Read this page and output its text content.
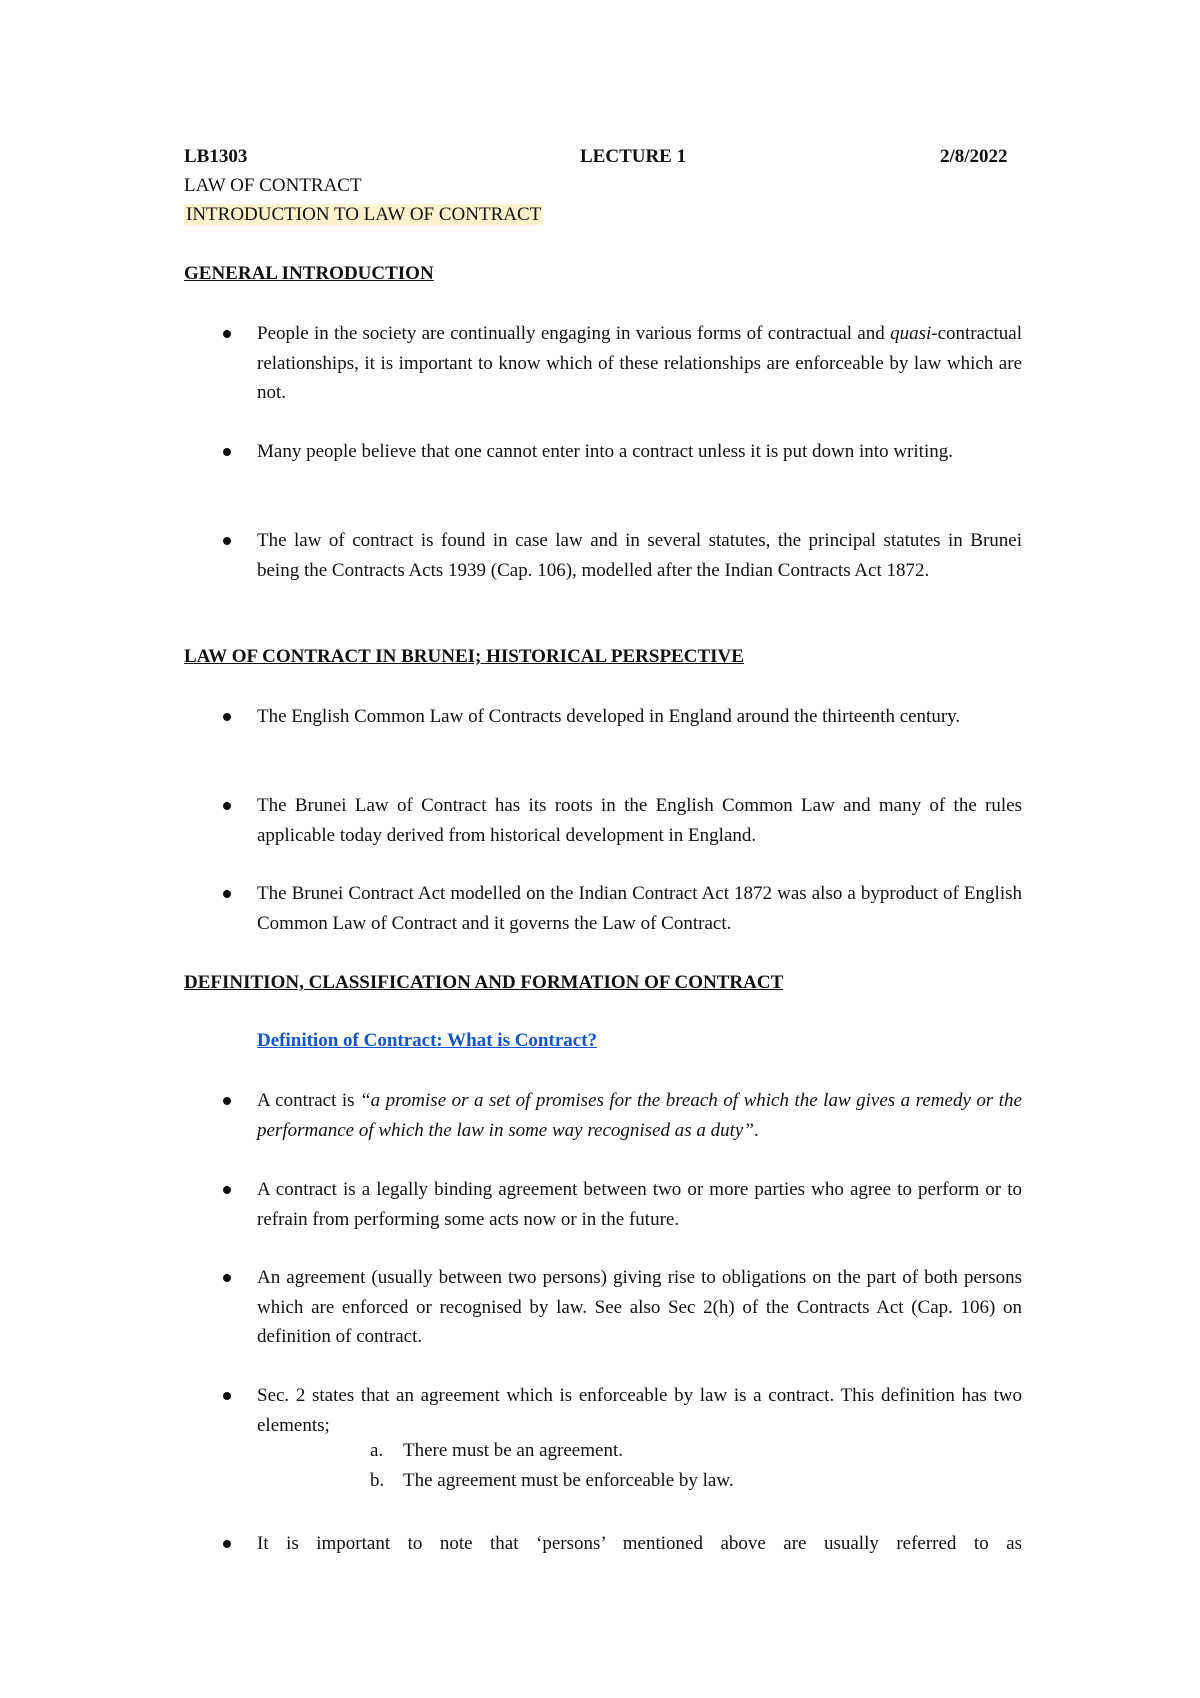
LB1303	LECTURE 1	2/8/2022
LAW OF CONTRACT
INTRODUCTION TO LAW OF CONTRACT
GENERAL INTRODUCTION
People in the society are continually engaging in various forms of contractual and quasi-contractual relationships, it is important to know which of these relationships are enforceable by law which are not.
Many people believe that one cannot enter into a contract unless it is put down into writing.
The law of contract is found in case law and in several statutes, the principal statutes in Brunei being the Contracts Acts 1939 (Cap. 106), modelled after the Indian Contracts Act 1872.
LAW OF CONTRACT IN BRUNEI; HISTORICAL PERSPECTIVE
The English Common Law of Contracts developed in England around the thirteenth century.
The Brunei Law of Contract has its roots in the English Common Law and many of the rules applicable today derived from historical development in England.
The Brunei Contract Act modelled on the Indian Contract Act 1872 was also a byproduct of English Common Law of Contract and it governs the Law of Contract.
DEFINITION, CLASSIFICATION AND FORMATION OF CONTRACT
Definition of Contract: What is Contract?
A contract is “a promise or a set of promises for the breach of which the law gives a remedy or the performance of which the law in some way recognised as a duty”.
A contract is a legally binding agreement between two or more parties who agree to perform or to refrain from performing some acts now or in the future.
An agreement (usually between two persons) giving rise to obligations on the part of both persons which are enforced or recognised by law. See also Sec 2(h) of the Contracts Act (Cap. 106) on definition of contract.
Sec. 2 states that an agreement which is enforceable by law is a contract. This definition has two elements;
a. There must be an agreement.
b. The agreement must be enforceable by law.
It is important to note that ‘persons’ mentioned above are usually referred to as
